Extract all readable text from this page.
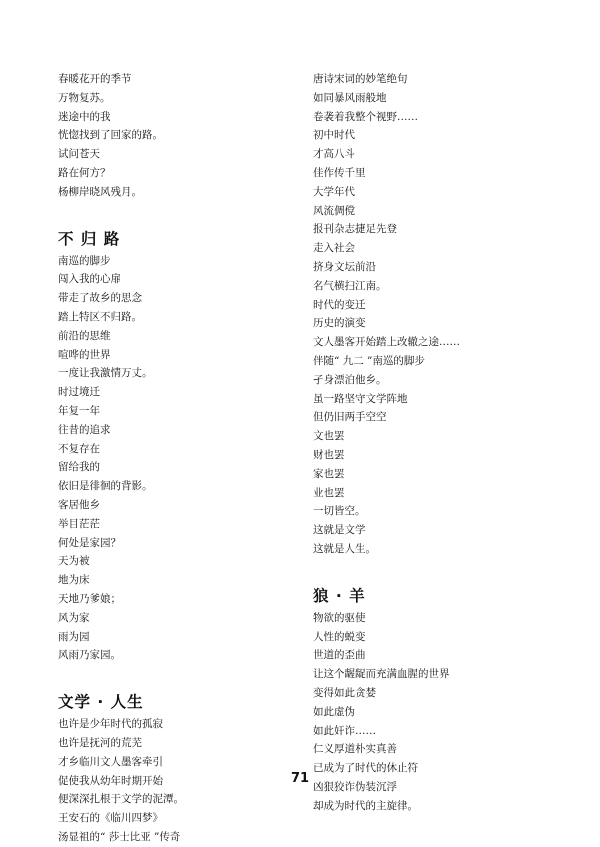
春暖花开的季节
万物复苏。
迷途中的我
恍惚找到了回家的路。
试问苍天
路在何方？
杨柳岸晓风残月。
不 归 路
南巡的脚步
闯入我的心扉
带走了故乡的思念
踏上特区不归路。
前沿的思维
喧哗的世界
一度让我激情万丈。
时过境迁
年复一年
往昔的追求
不复存在
留给我的
依旧是徘徊的背影。
客居他乡
举目茫茫
何处是家园？
天为被
地为床
天地乃爹娘；
风为家
雨为园
风雨乃家园。
文学 · 人生
也许是少年时代的孤寂
也许是抚河的荒芜
才乡临川文人墨客牵引
促使我从幼年时期开始
便深深扎根于文学的泥潭。
王安石的《临川四梦》
汤显祖的“ 莎士比亚 ”传奇
唐诗宋词的妙笔绝句
如同暴风雨般地
卷袭着我整个视野……
初中时代
才高八斗
佳作传千里
大学年代
风流倜傥
报刊杂志捷足先登
走入社会
挤身文坛前沿
名气横扫江南。
时代的变迁
历史的演变
文人墨客开始踏上改辙之途……
伴随“ 九二 ”南巡的脚步
孑身漂泊他乡。
虽一路坚守文学阵地
但仍旧两手空空
文也罢
财也罢
家也罢
业也罢
一切皆空。
这就是文学
这就是人生。
狼 · 羊
物欲的驱使
人性的蜕变
世道的歪曲
让这个龌龊而充满血腥的世界
变得如此贪婪
如此虚伪
如此奸诈……
仁义厚道朴实真善
已成为了时代的休止符
凶狠狡诈伪装沉浮
却成为时代的主旋律。
71
